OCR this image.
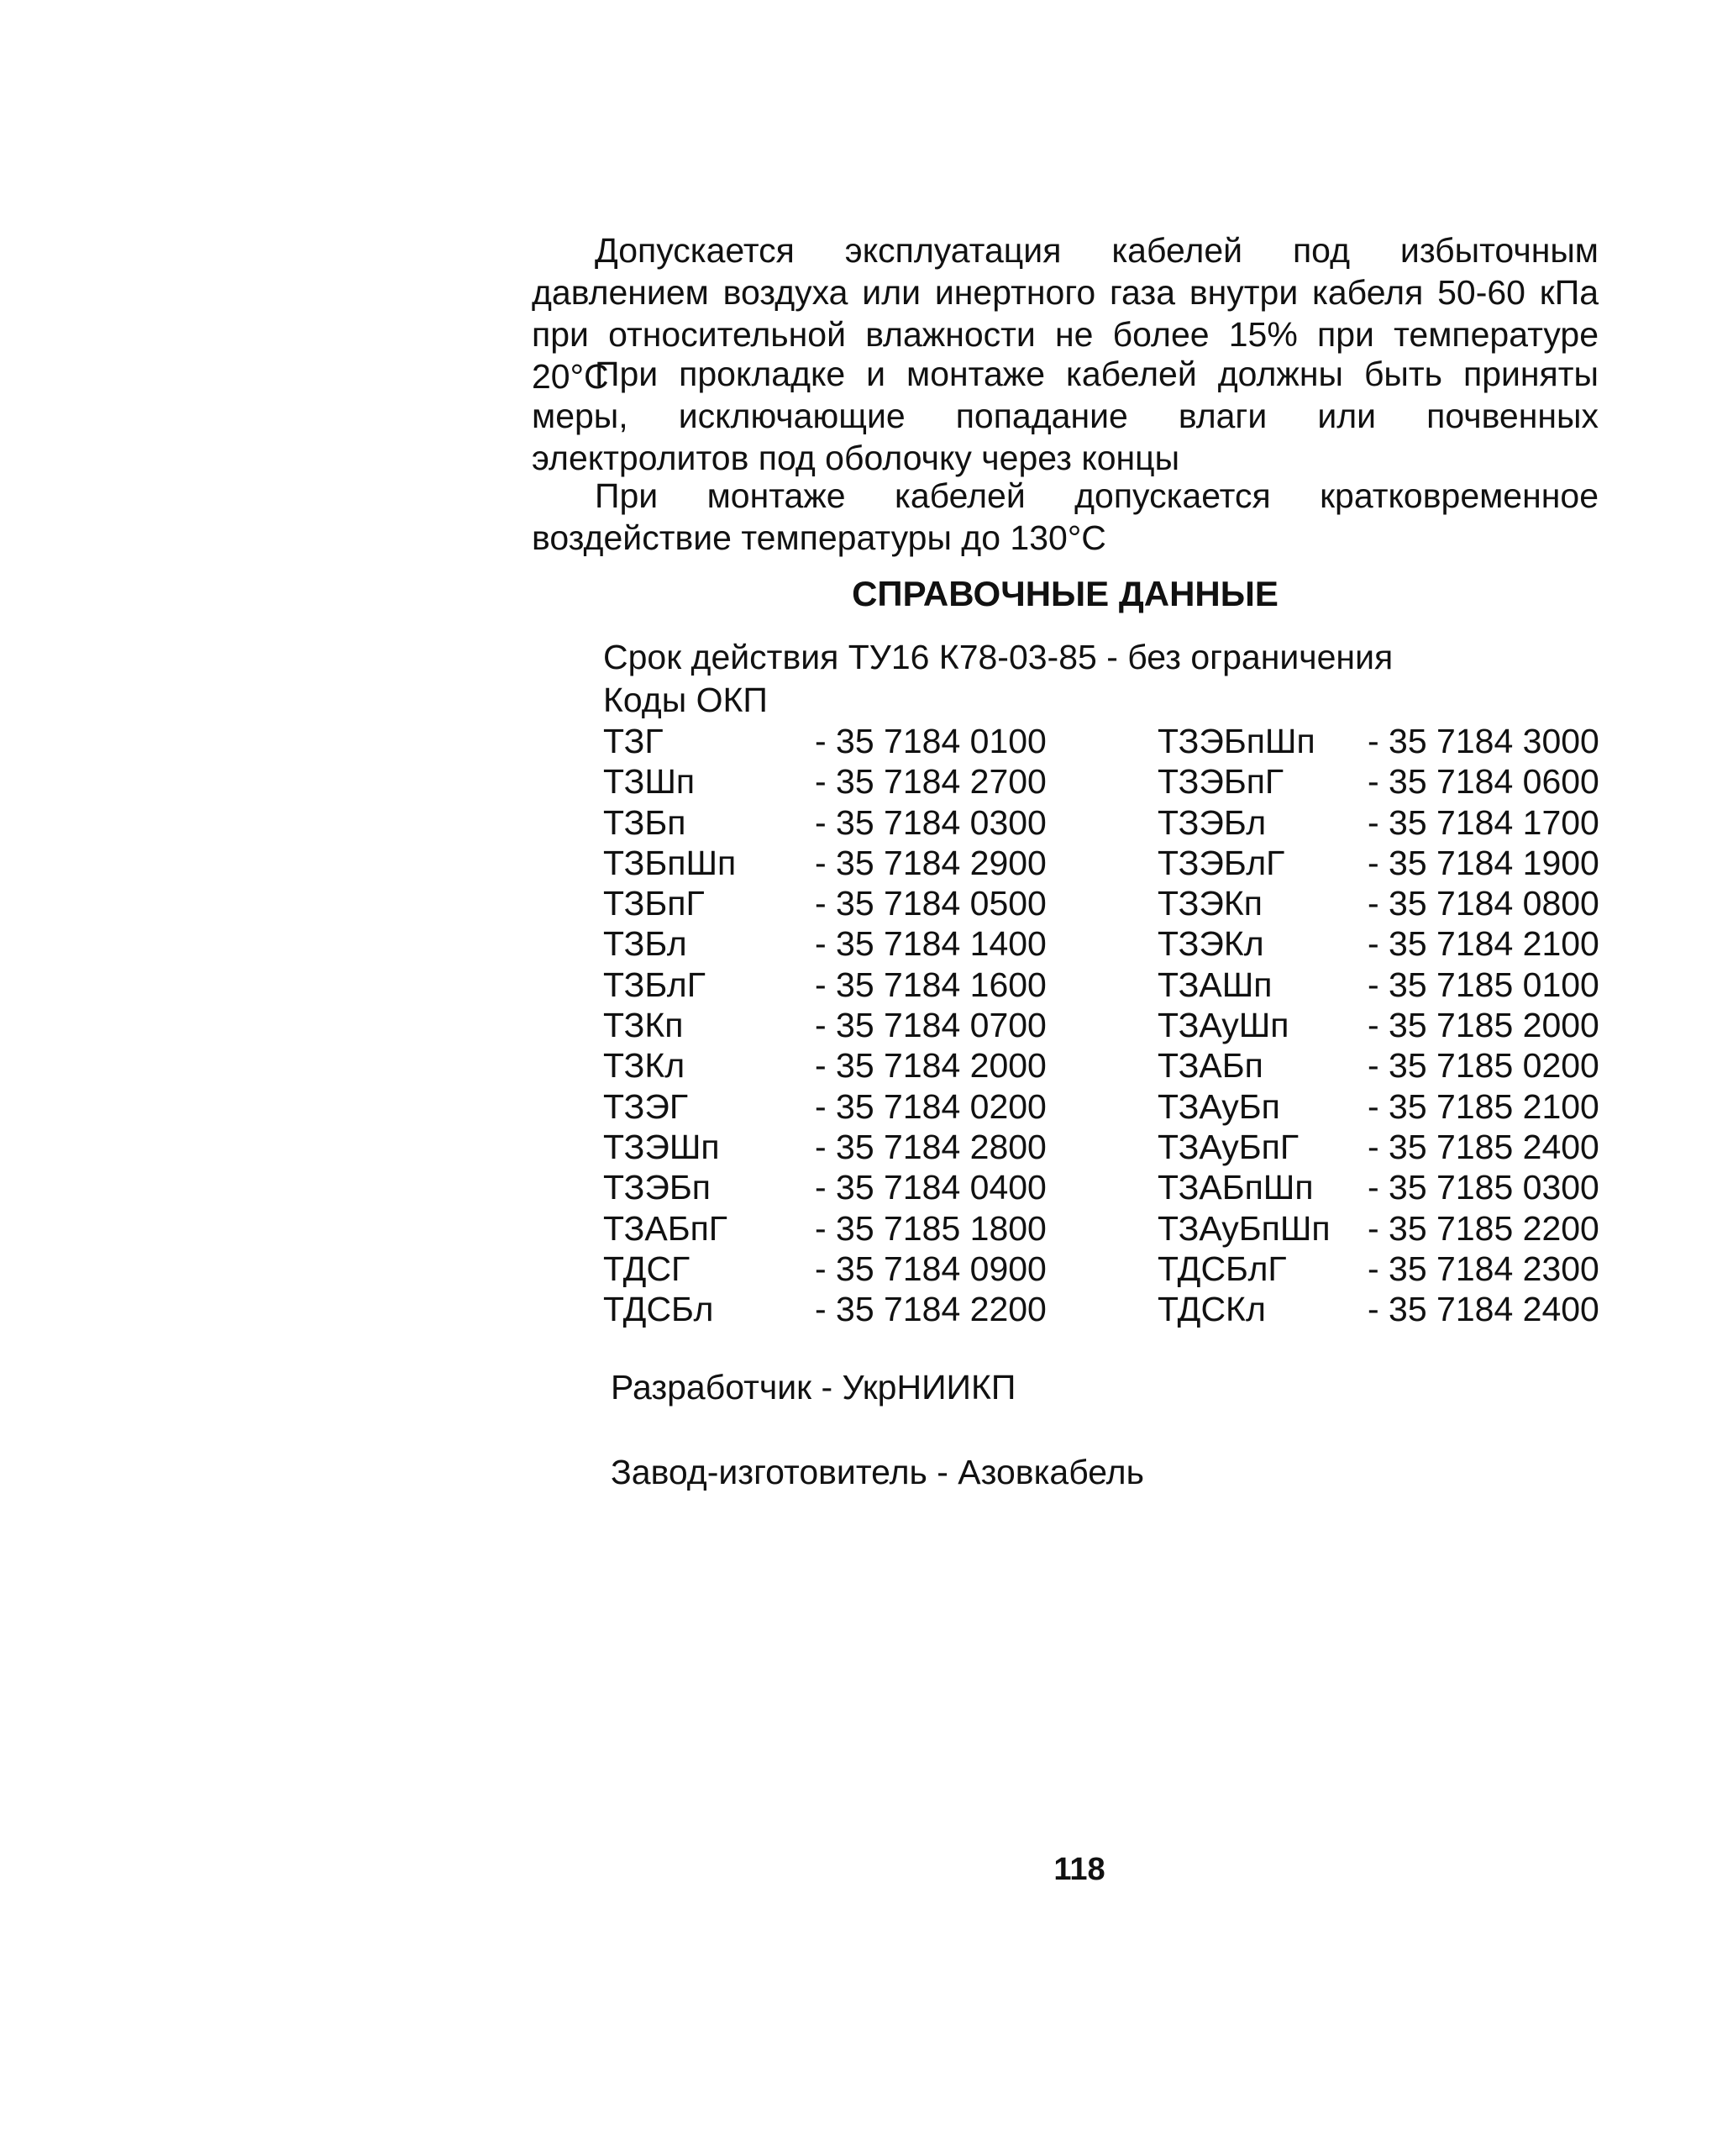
Допускается эксплуатация кабелей под избыточным давлением воздуха или инертного газа внутри кабеля 50-60 кПа при относительной влажности не более 15% при температуре 20°С

При прокладке и монтаже кабелей должны быть приняты меры, исключающие попадание влаги или почвенных электролитов под оболочку через концы

При монтаже кабелей допускается кратковременное воздействие температуры до 130°С

СПРАВОЧНЫЕ ДАННЫЕ

Срок действия ТУ16 К78-03-85 - без ограничения

Коды ОКП

ТЗГ	- 35 7184 0100	ТЗЭБпШп - 35 7184 3000
ТЗШп	- 35 7184 2700	ТЗЭБпГ - 35 7184 0600
ТЗБп	- 35 7184 0300	ТЗЭБл	- 35 7184 1700
ТЗБпШп - 35 7184 2900	ТЗЭБлГ - 35 7184 1900
ТЗБпГ	- 35 7184 0500	ТЗЭКп	- 35 7184 0800
ТЗБл	- 35 7184 1400	ТЗЭКл	- 35 7184 2100
ТЗБлГ	- 35 7184 1600	ТЗАШп	- 35 7185 0100
ТЗКп	- 35 7184 0700	ТЗАуШп - 35 7185 2000
ТЗКл	- 35 7184 2000	ТЗАБп	- 35 7185 0200
ТЗЭГ	- 35 7184 0200	ТЗАуБп	- 35 7185 2100
ТЗЭШп	- 35 7184 2800	ТЗАуБпГ - 35 7185 2400
ТЗЭБп	- 35 7184 0400	ТЗАБпШп - 35 7185 0300
ТЗАБпГ	- 35 7185 1800	ТЗАуБпШп - 35 7185 2200
ТДСГ	- 35 7184 0900	ТДСБлГ - 35 7184 2300
ТДСБл	- 35 7184 2200	ТДСКл	- 35 7184 2400

Разработчик - УкрНИИКП

Завод-изготовитель - Азовкабель

118
